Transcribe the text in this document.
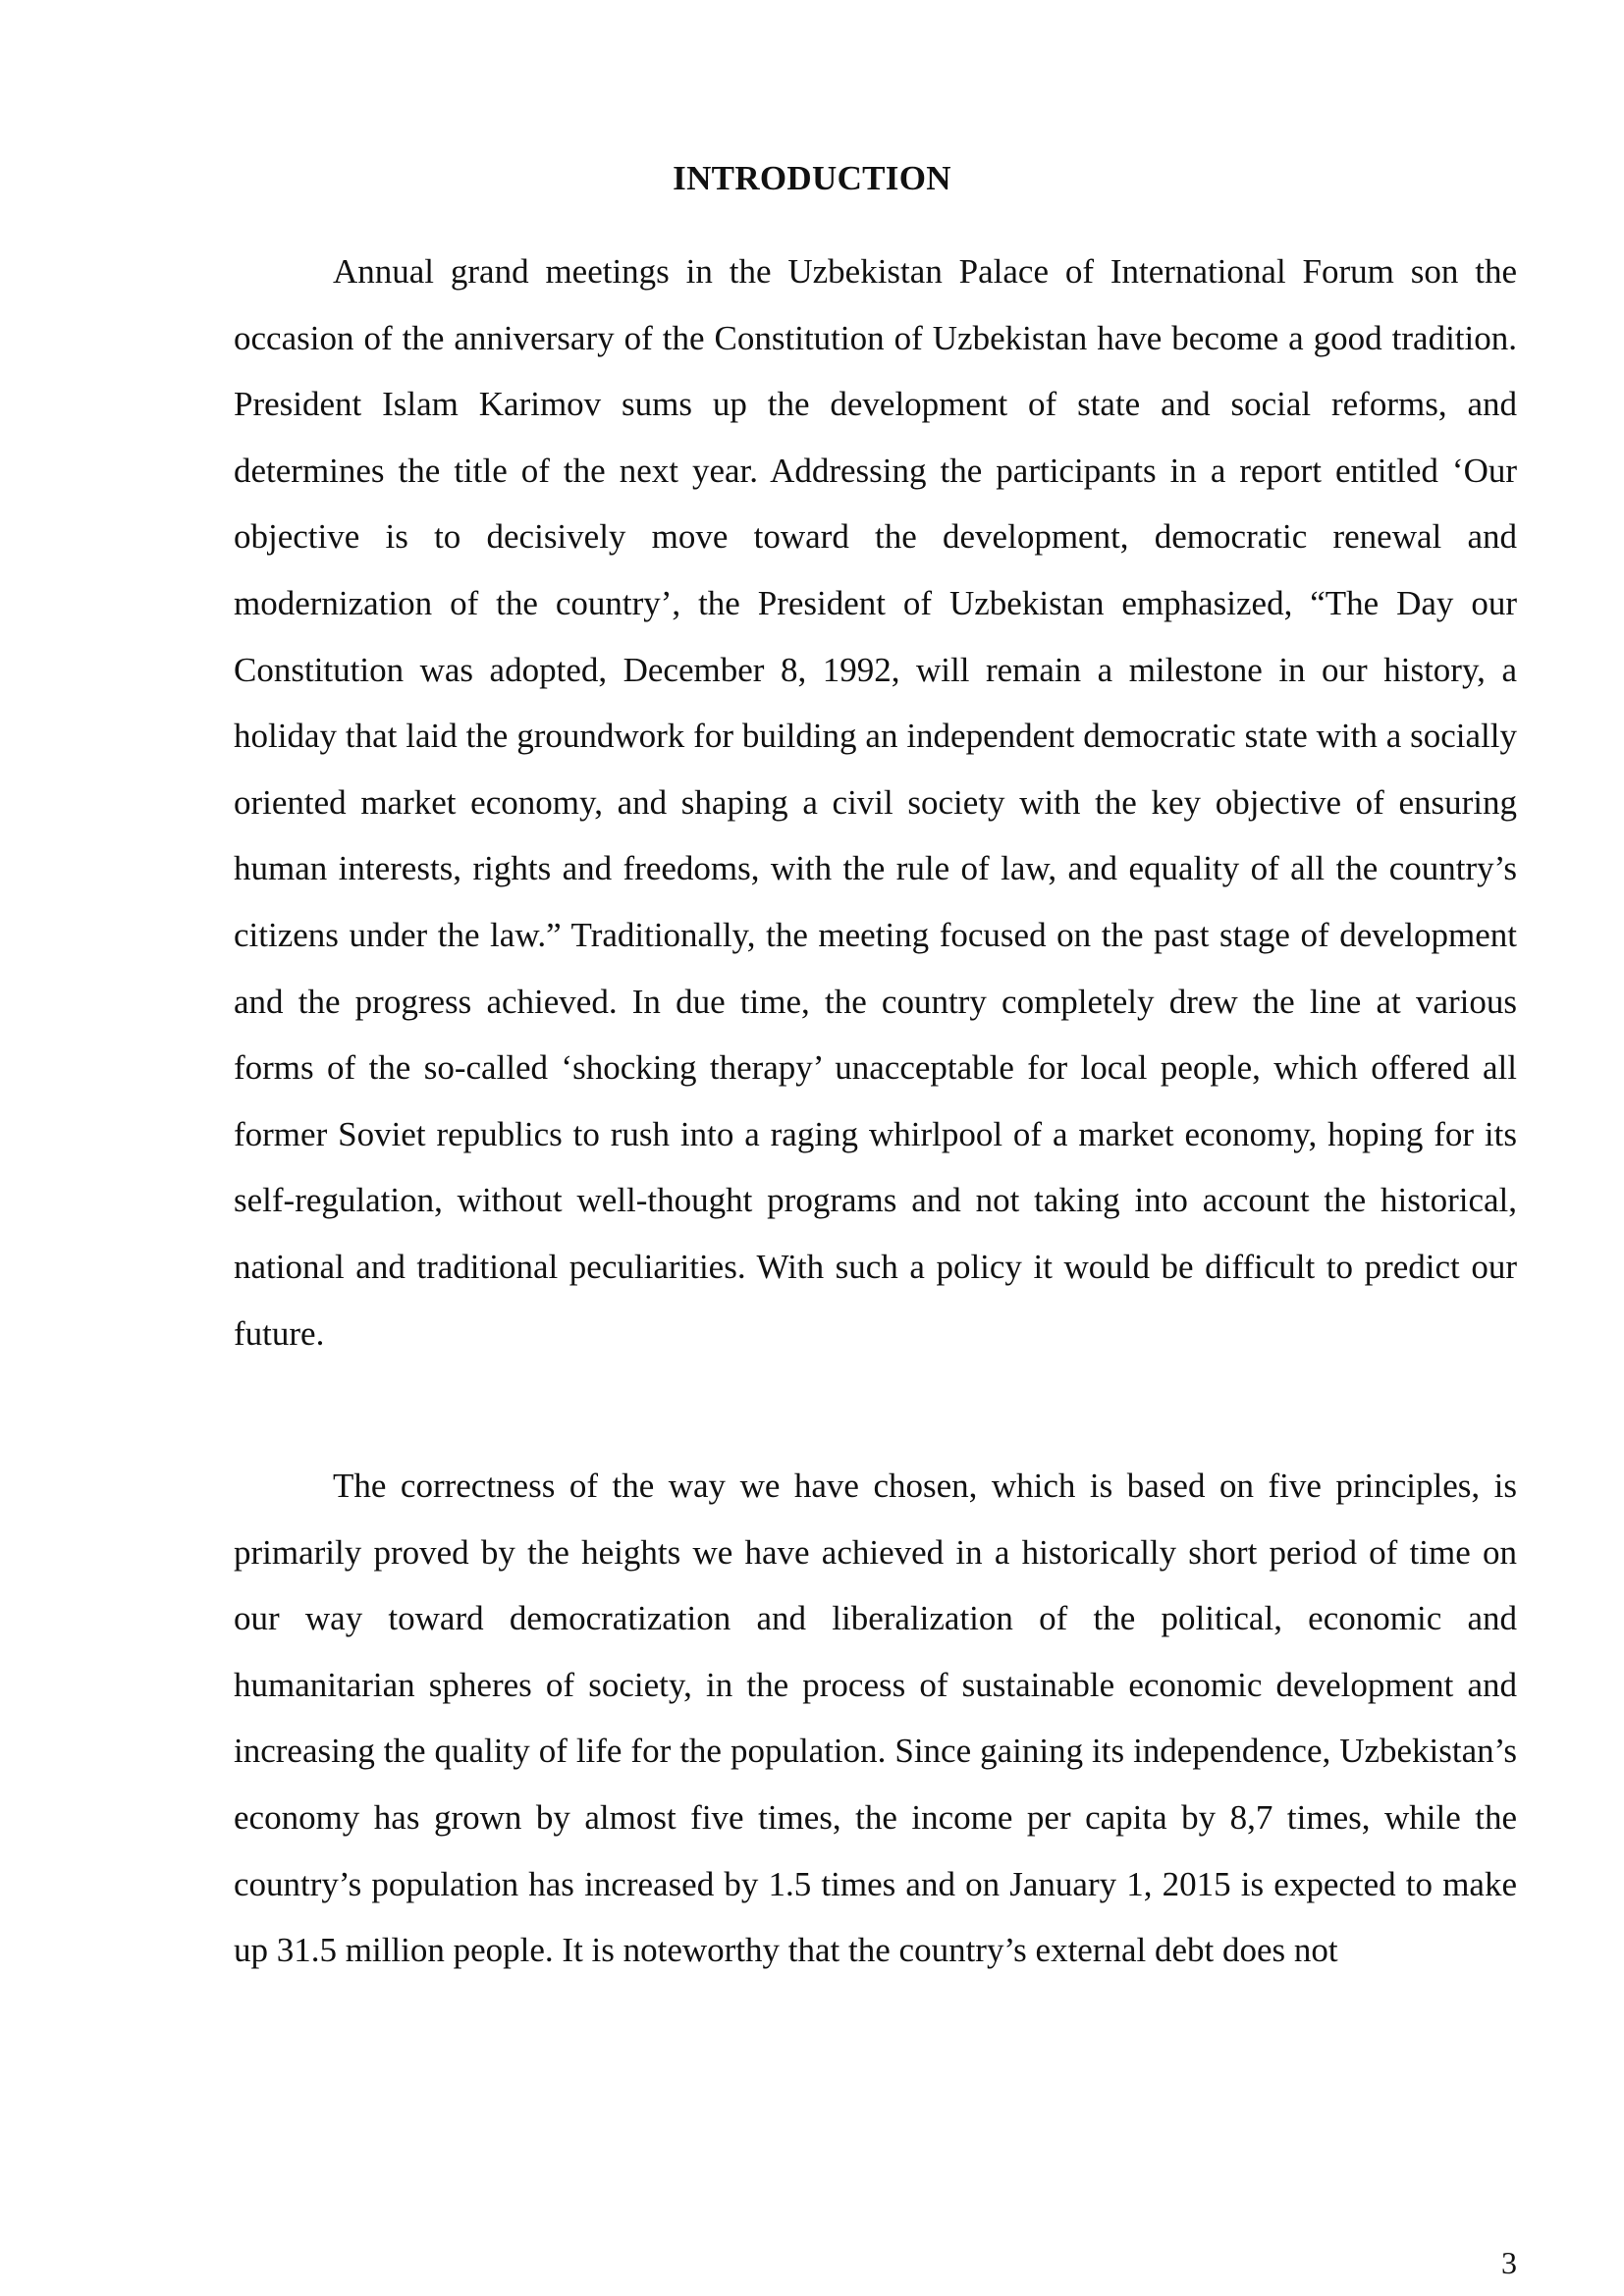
INTRODUCTION

Annual grand meetings in the Uzbekistan Palace of International Forum son the occasion of the anniversary of the Constitution of Uzbekistan have become a good tradition. President Islam Karimov sums up the development of state and social reforms, and determines the title of the next year. Addressing the participants in a report entitled ‘Our objective is to decisively move toward the development, democratic renewal and modernization of the country’, the President of Uzbekistan emphasized, “The Day our Constitution was adopted, December 8, 1992, will remain a milestone in our history, a holiday that laid the groundwork for building an independent democratic state with a socially oriented market economy, and shaping a civil society with the key objective of ensuring human interests, rights and freedoms, with the rule of law, and equality of all the country’s citizens under the law.” Traditionally, the meeting focused on the past stage of development and the progress achieved. In due time, the country completely drew the line at various forms of the so-called ‘shocking therapy’ unacceptable for local people, which offered all former Soviet republics to rush into a raging whirlpool of a market economy, hoping for its self-regulation, without well-thought programs and not taking into account the historical, national and traditional peculiarities. With such a policy it would be difficult to predict our future.

The correctness of the way we have chosen, which is based on five principles, is primarily proved by the heights we have achieved in a historically short period of time on our way toward democratization and liberalization of the political, economic and humanitarian spheres of society, in the process of sustainable economic development and increasing the quality of life for the population. Since gaining its independence, Uzbekistan’s economy has grown by almost five times, the income per capita by 8,7 times, while the country’s population has increased by 1.5 times and on January 1, 2015 is expected to make up 31.5 million people. It is noteworthy that the country’s external debt does not

3
